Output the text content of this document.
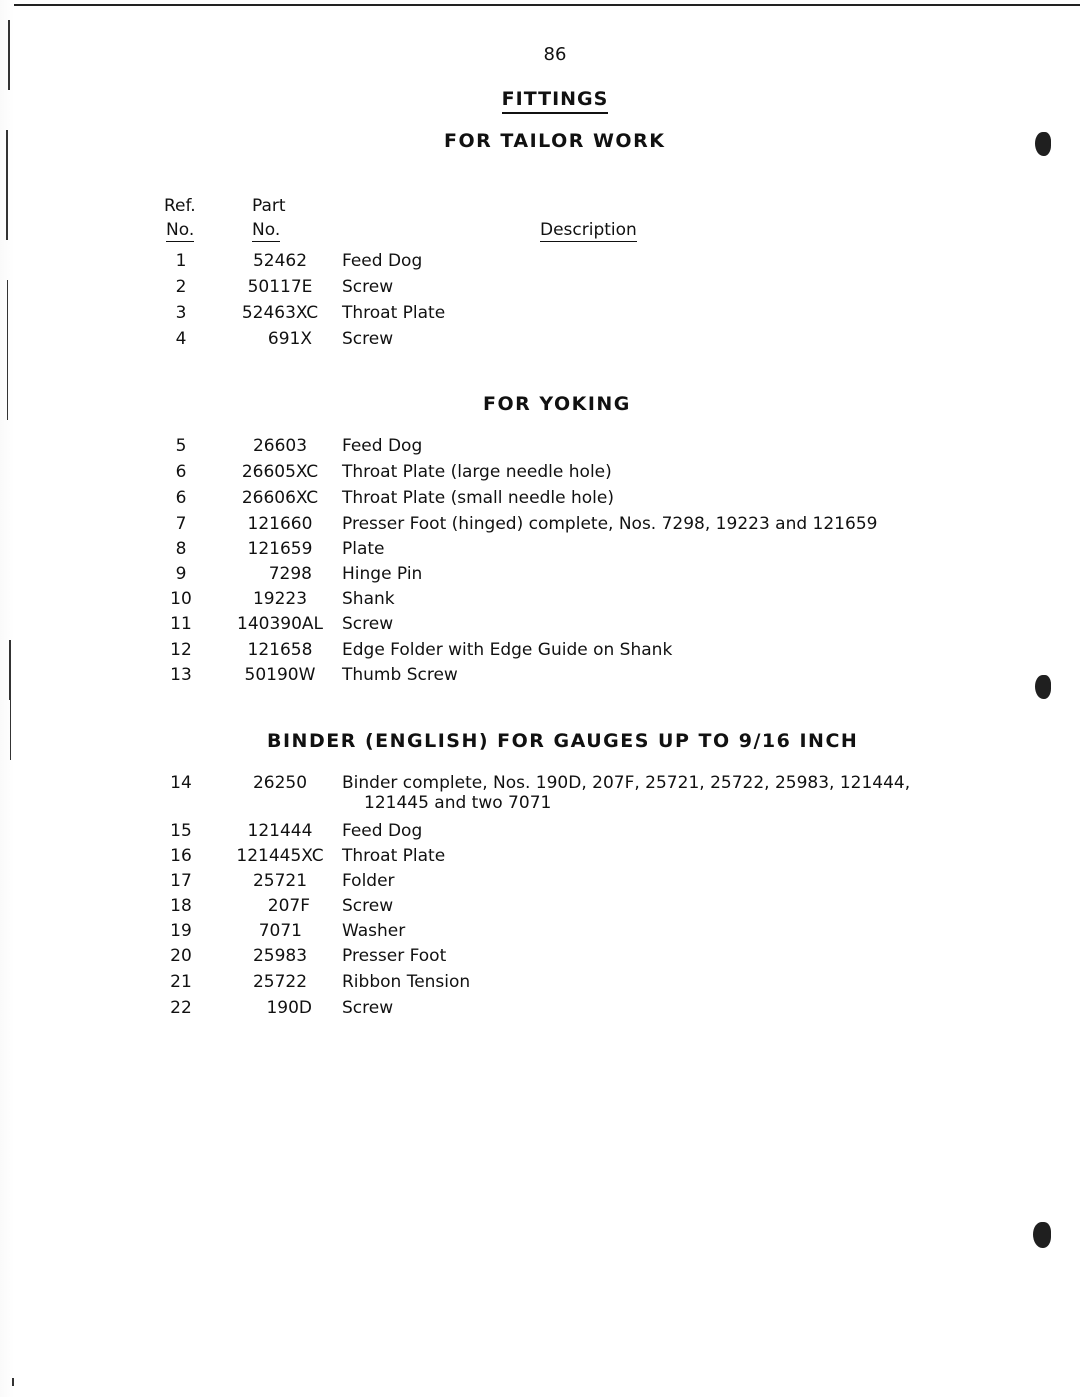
86
FITTINGS
FOR TAILOR WORK
Ref.
No.
Part
No.	Description
1	52462	Feed Dog
2	50117E	Screw
3	52463XC	Throat Plate
4	691X Screw
FOR YOKING
5	26603	Feed Dog
6	26605XC	Throat Plate (large needle hole)
6	26606XC	Throat Plate (small needle hole)
7	121660	Presser Foot (hinged) complete, Nos. 7298, 19223 and 121659
8	121659	Plate
9	7298 Hinge Pin
10	19223	Shank
11	140390AL Screw
12	121658	Edge Folder with Edge Guide on Shank
13	50190W	Thumb Screw
BINDER (ENGLISH) FOR GAUGES UP TO 9/16 INCH
14	26250	Binder complete, Nos. 190D, 207F, 25721, 25722, 25983, 121444,
121445 and two 7071
15	121444	Feed Dog
16	121445XC Throat Plate
17	25721	Folder
18	207F Screw
19	7071 Washer
20	25983	Presser Foot
21	25722	Ribbon Tension
22	190D Screw
